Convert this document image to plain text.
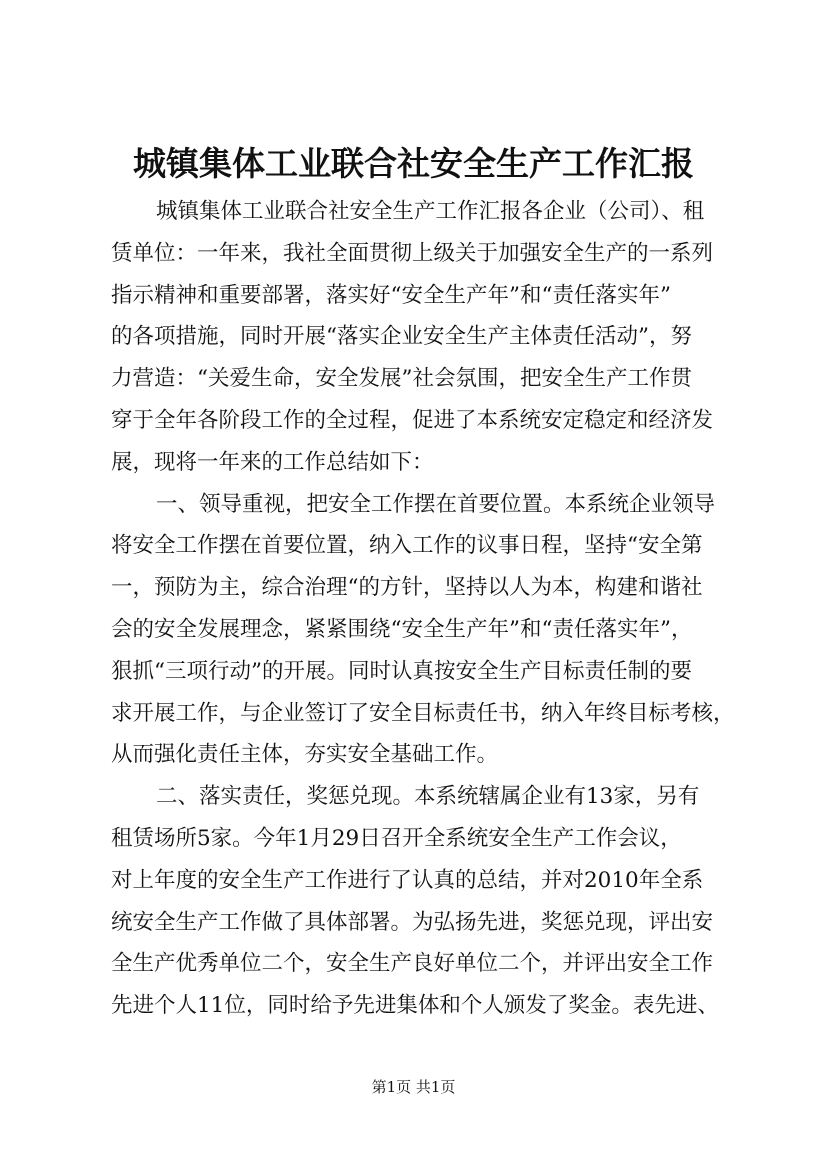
城镇集体工业联合社安全生产工作汇报
城镇集体工业联合社安全生产工作汇报各企业（公司）、租
赁单位：一年来，我社全面贯彻上级关于加强安全生产的一系列
指示精神和重要部署，落实好“安全生产年”和“责任落实年”
的各项措施，同时开展“落实企业安全生产主体责任活动”，努
力营造：“关爱生命，安全发展”社会氛围，把安全生产工作贯
穿于全年各阶段工作的全过程，促进了本系统安定稳定和经济发
展，现将一年来的工作总结如下：
一、领导重视，把安全工作摆在首要位置。本系统企业领导
将安全工作摆在首要位置，纳入工作的议事日程，坚持“安全第
一，预防为主，综合治理“的方针，坚持以人为本，构建和谐社
会的安全发展理念，紧紧围绕“安全生产年”和“责任落实年”，
狠抓“三项行动”的开展。同时认真按安全生产目标责任制的要
求开展工作，与企业签订了安全目标责任书，纳入年终目标考核，
从而强化责任主体，夯实安全基础工作。
二、落实责任，奖惩兑现。本系统辖属企业有13家，另有
租赁场所5家。今年1月29日召开全系统安全生产工作会议，
对上年度的安全生产工作进行了认真的总结，并对2010年全系
统安全生产工作做了具体部署。为弘扬先进，奖惩兑现，评出安
全生产优秀单位二个，安全生产良好单位二个，并评出安全工作
先进个人11位，同时给予先进集体和个人颁发了奖金。表先进、
第1页 共1页
